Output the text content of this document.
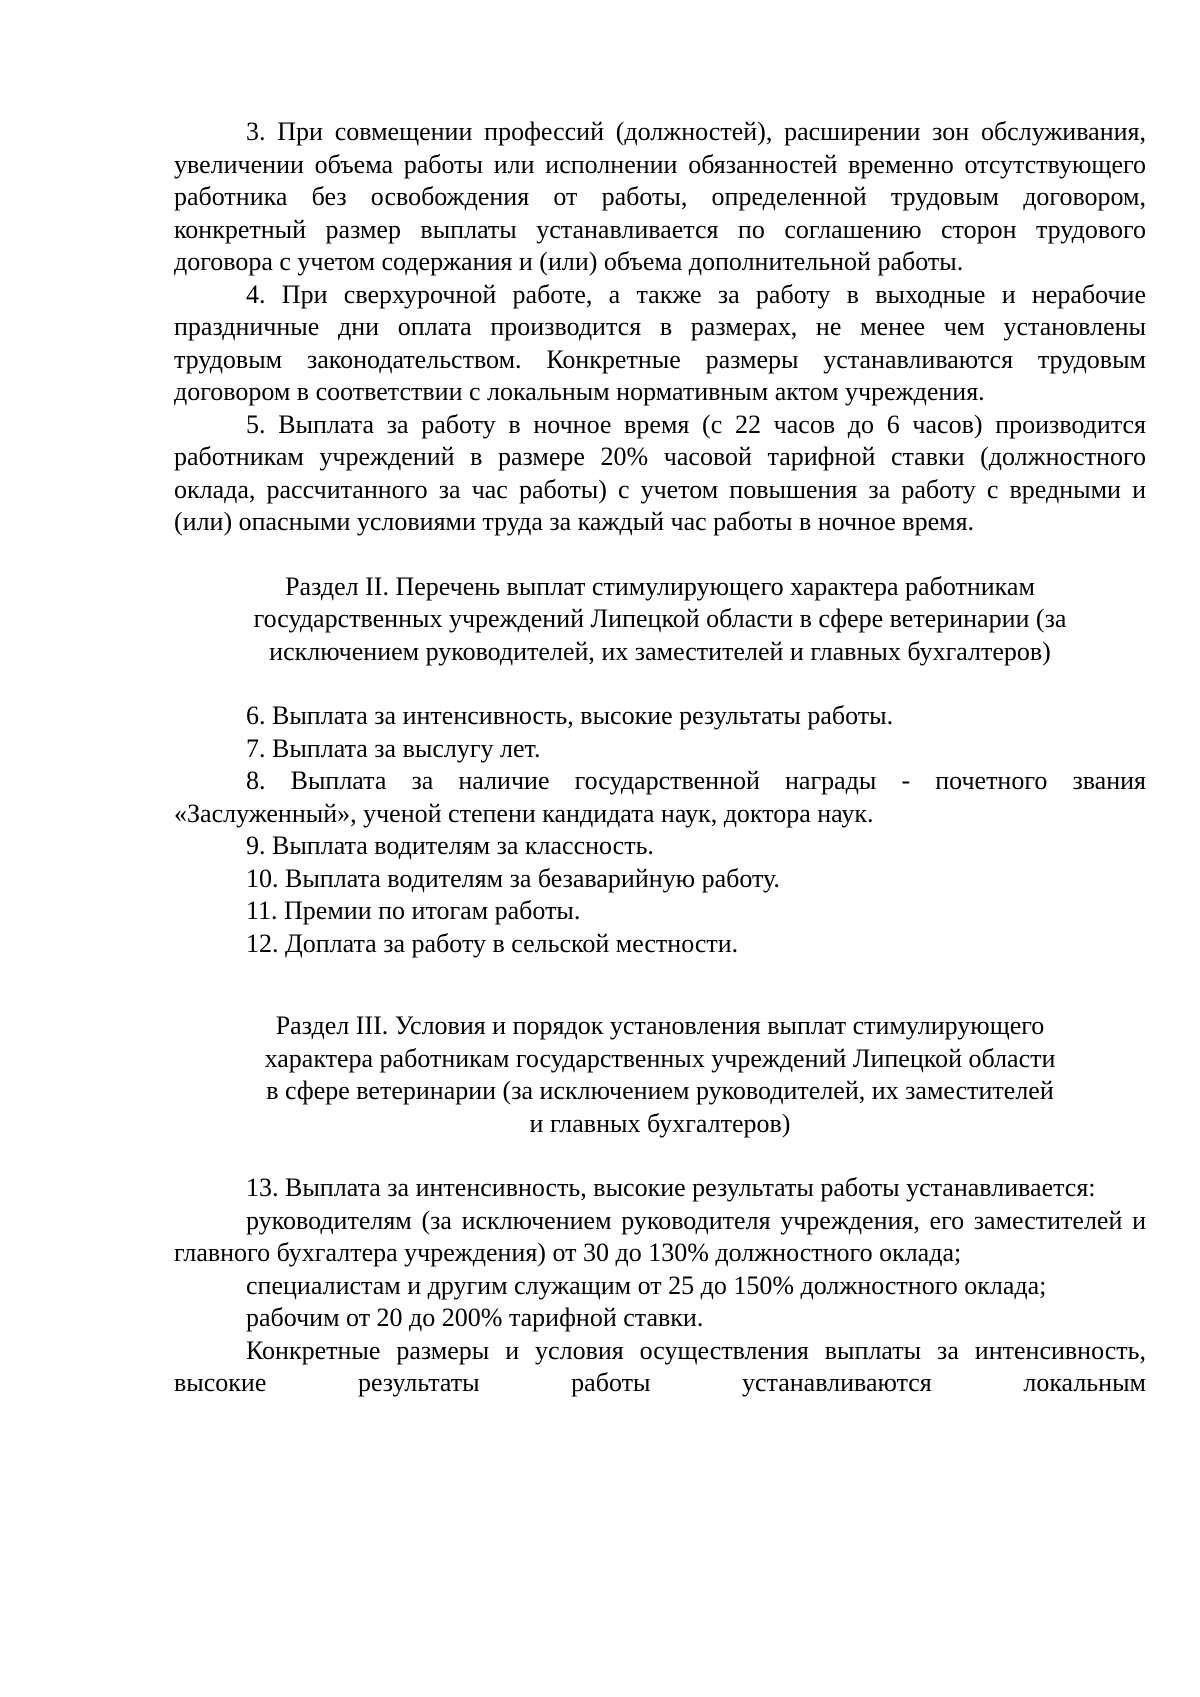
3. При совмещении профессий (должностей), расширении зон обслуживания, увеличении объема работы или исполнении обязанностей временно отсутствующего работника без освобождения от работы, определенной трудовым договором, конкретный размер выплаты устанавливается по соглашению сторон трудового договора с учетом содержания и (или) объема дополнительной работы.

4. При сверхурочной работе, а также за работу в выходные и нерабочие праздничные дни оплата производится в размерах, не менее чем установлены трудовым законодательством. Конкретные размеры устанавливаются трудовым договором в соответствии с локальным нормативным актом учреждения.

5. Выплата за работу в ночное время (с 22 часов до 6 часов) производится работникам учреждений в размере 20% часовой тарифной ставки (должностного оклада, рассчитанного за час работы) с учетом повышения за работу с вредными и (или) опасными условиями труда за каждый час работы в ночное время.

Раздел II. Перечень выплат стимулирующего характера работникам
государственных учреждений Липецкой области в сфере ветеринарии (за
исключением руководителей, их заместителей и главных бухгалтеров)

6. Выплата за интенсивность, высокие результаты работы.

7. Выплата за выслугу лет.

8. Выплата за наличие государственной награды - почетного звания «Заслуженный», ученой степени кандидата наук, доктора наук.

9. Выплата водителям за классность.

10. Выплата водителям за безаварийную работу.

11. Премии по итогам работы.

12. Доплата за работу в сельской местности.

Раздел III. Условия и порядок установления выплат стимулирующего
характера работникам государственных учреждений Липецкой области
в сфере ветеринарии (за исключением руководителей, их заместителей
и главных бухгалтеров)

13. Выплата за интенсивность, высокие результаты работы устанавливается:

руководителям (за исключением руководителя учреждения, его заместителей и главного бухгалтера учреждения) от 30 до 130% должностного оклада;

специалистам и другим служащим от 25 до 150% должностного оклада;

рабочим от 20 до 200% тарифной ставки.

Конкретные размеры и условия осуществления выплаты за интенсивность, высокие результаты работы устанавливаются локальным
